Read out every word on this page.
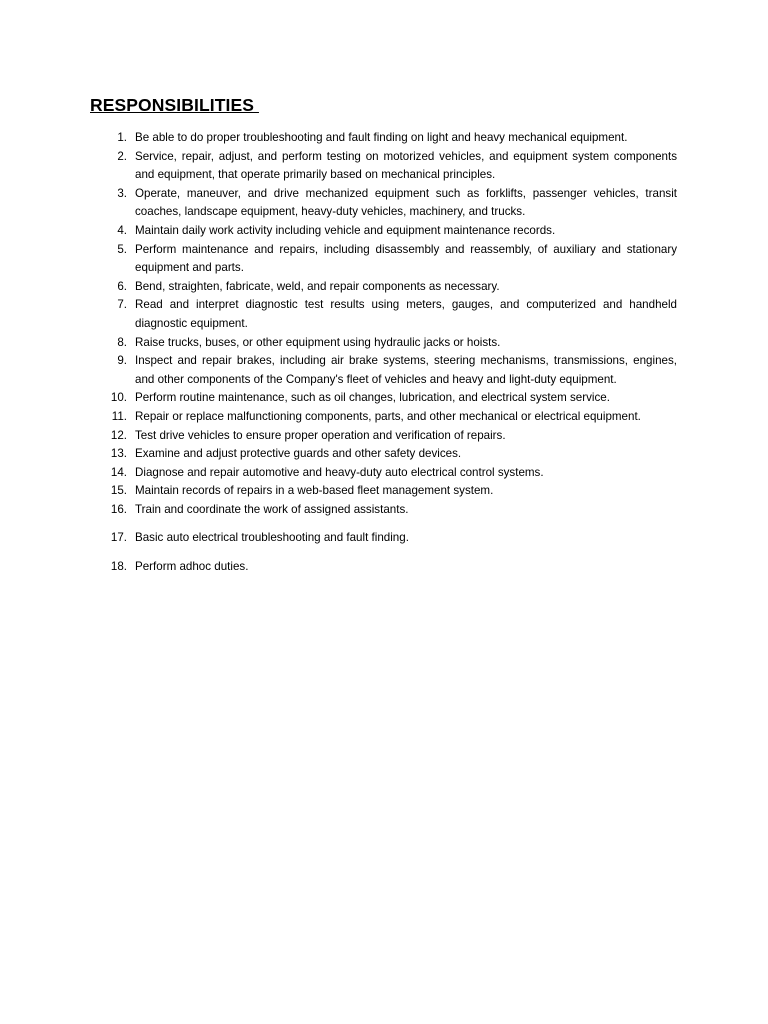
RESPONSIBILITIES
1. Be able to do proper troubleshooting and fault finding on light and heavy mechanical equipment.
2. Service, repair, adjust, and perform testing on motorized vehicles, and equipment system components and equipment, that operate primarily based on mechanical principles.
3. Operate, maneuver, and drive mechanized equipment such as forklifts, passenger vehicles, transit coaches, landscape equipment, heavy-duty vehicles, machinery, and trucks.
4. Maintain daily work activity including vehicle and equipment maintenance records.
5. Perform maintenance and repairs, including disassembly and reassembly, of auxiliary and stationary equipment and parts.
6. Bend, straighten, fabricate, weld, and repair components as necessary.
7. Read and interpret diagnostic test results using meters, gauges, and computerized and handheld diagnostic equipment.
8. Raise trucks, buses, or other equipment using hydraulic jacks or hoists.
9. Inspect and repair brakes, including air brake systems, steering mechanisms, transmissions, engines, and other components of the Company's fleet of vehicles and heavy and light-duty equipment.
10. Perform routine maintenance, such as oil changes, lubrication, and electrical system service.
11. Repair or replace malfunctioning components, parts, and other mechanical or electrical equipment.
12. Test drive vehicles to ensure proper operation and verification of repairs.
13. Examine and adjust protective guards and other safety devices.
14. Diagnose and repair automotive and heavy-duty auto electrical control systems.
15. Maintain records of repairs in a web-based fleet management system.
16. Train and coordinate the work of assigned assistants.
17. Basic auto electrical troubleshooting and fault finding.
18. Perform adhoc duties.
